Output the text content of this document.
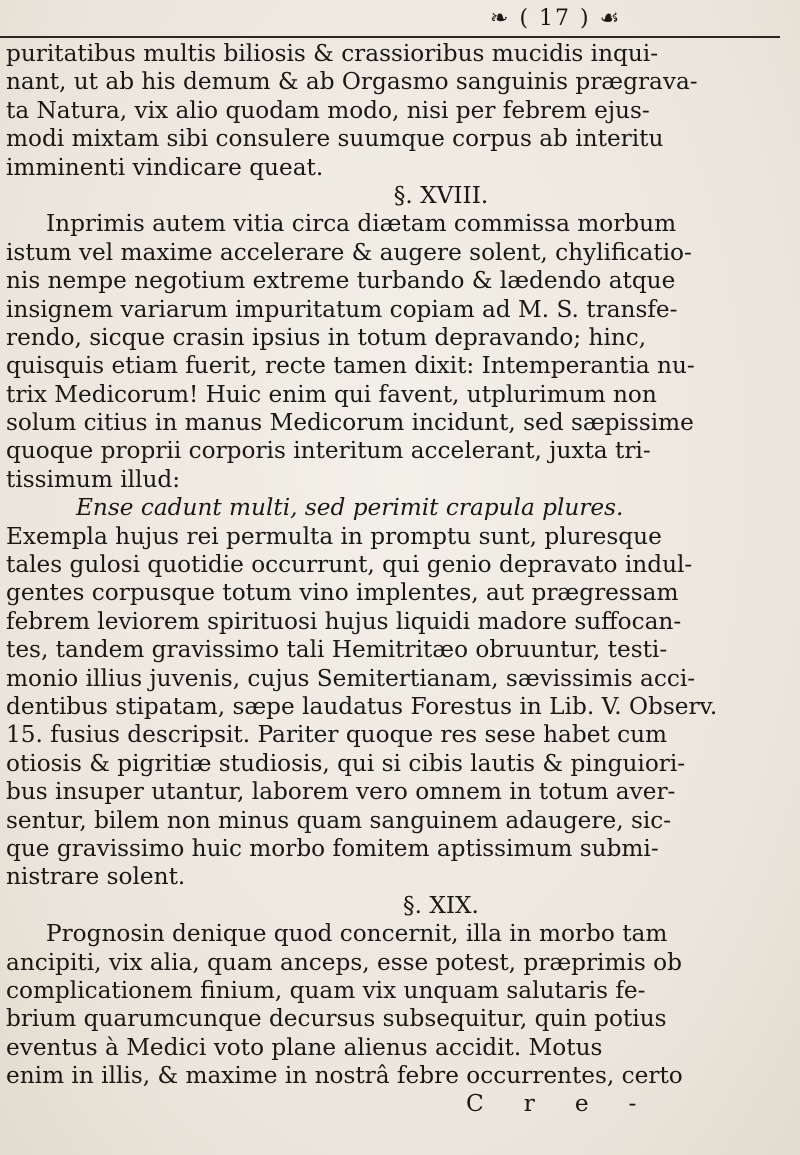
❧ ( 17 ) ☙
puritatibus multis biliosis & crassioribus mucidis inqui-
nant, ut ab his demum & ab Orgasmo sanguinis prægrava-
ta Natura, vix alio quodam modo, nisi per febrem ejus-
modi mixtam sibi consulere suumque corpus ab interitu
imminenti vindicare queat.
§. XVIII.
Inprimis autem vitia circa diætam commissa morbum
istum vel maxime accelerare & augere solent, chylificatio-
nis nempe negotium extreme turbando & lædendo atque
insignem variarum impuritatum copiam ad M. S. transfe-
rendo, sicque crasin ipsius in totum depravando; hinc,
quisquis etiam fuerit, recte tamen dixit: Intemperantia nu-
trix Medicorum! Huic enim qui favent, utplurimum non
solum citius in manus Medicorum incidunt, sed sæpissime
quoque proprii corporis interitum accelerant, juxta tri-
tissimum illud:
Ense cadunt multi, sed perimit crapula plures.
Exempla hujus rei permulta in promptu sunt, pluresque
tales gulosi quotidie occurrunt, qui genio depravato indul-
gentes corpusque totum vino implentes, aut prægressam
febrem leviorem spirituosi hujus liquidi madore suffocan-
tes, tandem gravissimo tali Hemitritæo obruuntur, testi-
monio illius juvenis, cujus Semitertianam, sævissimis acci-
dentibus stipatam, sæpe laudatus Forestus in Lib. V. Observ.
15. fusius descripsit. Pariter quoque res sese habet cum
otiosis & pigritiæ studiosis, qui si cibis lautis & pinguiori-
bus insuper utantur, laborem vero omnem in totum aver-
sentur, bilem non minus quam sanguinem adaugere, sic-
que gravissimo huic morbo fomitem aptissimum submi-
nistrare solent.
§. XIX.
Prognosin denique quod concernit, illa in morbo tam
ancipiti, vix alia, quam anceps, esse potest, præprimis ob
complicationem finium, quam vix unquam salutaris fe-
brium quarumcunque decursus subsequitur, quin potius
eventus à Medici voto plane alienus accidit. Motus
enim in illis, & maxime in nostrâ febre occurrentes, certo
Cre-
